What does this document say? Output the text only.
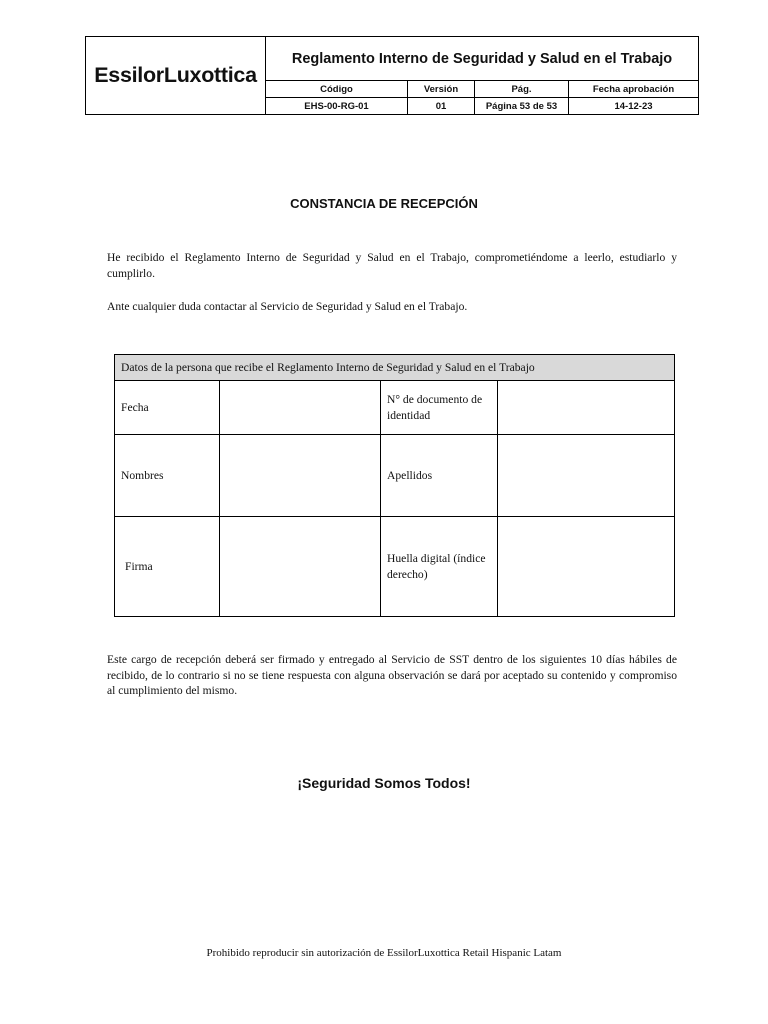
EssilorLuxottica
Reglamento Interno de Seguridad y Salud en el Trabajo
Código	Versión	Pág.	Fecha aprobación
EHS-00-RG-01	01	Página 53 de 53	14-12-23
CONSTANCIA DE RECEPCIÓN

He recibido el Reglamento Interno de Seguridad y Salud en el Trabajo, comprometiéndome a leerlo, estudiarlo y cumplirlo.

Ante cualquier duda contactar al Servicio de Seguridad y Salud en el Trabajo.

Datos de la persona que recibe el Reglamento Interno de Seguridad y Salud en el Trabajo			
Fecha		N° de documento de identidad	
Nombres		Apellidos	
Firma		Huella digital (índice derecho)	

Este cargo de recepción deberá ser firmado y entregado al Servicio de SST dentro de los siguientes 10 días hábiles de recibido, de lo contrario si no se tiene respuesta con alguna observación se dará por aceptado su contenido y compromiso al cumplimiento del mismo.

¡Seguridad Somos Todos!
Prohibido reproducir sin autorización de EssilorLuxottica Retail Hispanic Latam
